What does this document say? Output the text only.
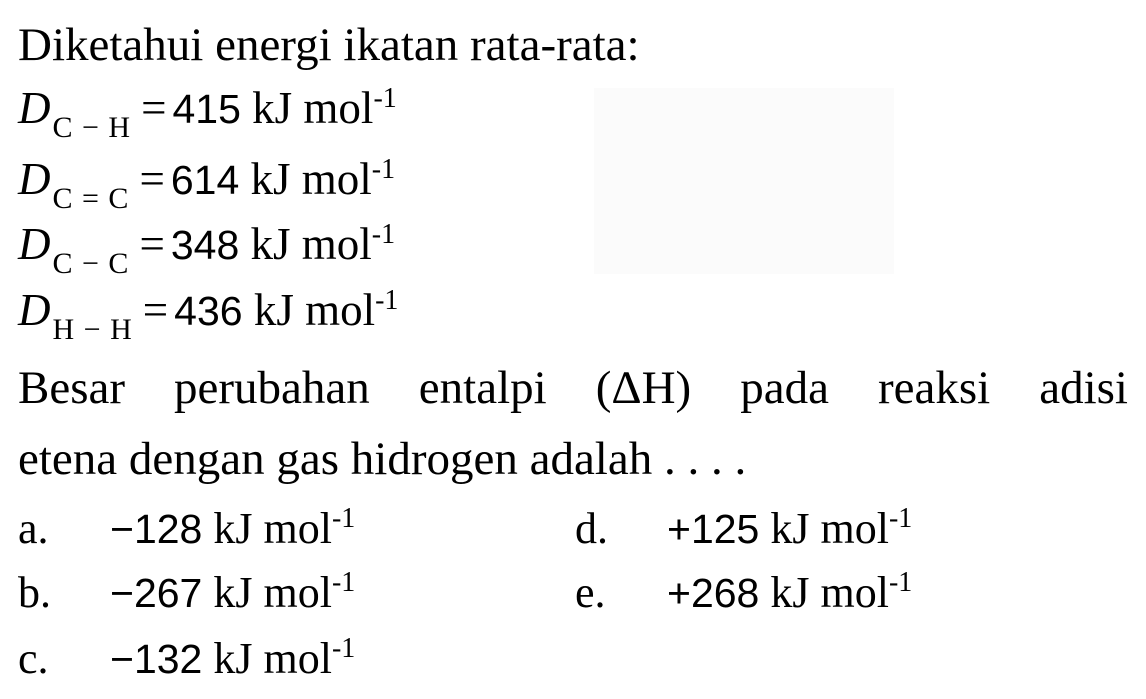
Diketahui energi ikatan rata-rata:
$D_{C - H} = 415$ kJ mol$^{-1}$
$D_{C = C} = 614$ kJ mol$^{-1}$
$D_{C - C} = 348$ kJ mol$^{-1}$
$D_{H - H} = 436$ kJ mol$^{-1}$
Besar perubahan entalpi (ΔH) pada reaksi adisi
etena dengan gas hidrogen adalah . . . .
a. −128 kJ mol$^{-1}$
b. −267 kJ mol$^{-1}$
c. −132 kJ mol$^{-1}$
d. +125 kJ mol$^{-1}$
e. +268 kJ mol$^{-1}$
